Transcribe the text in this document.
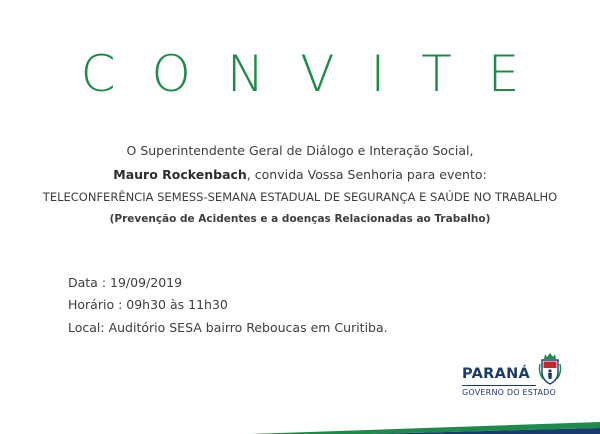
CONVITE
O Superintendente Geral de Diálogo e Interação Social,
Mauro Rockenbach, convida Vossa Senhoria para evento:
TELECONFERÊNCIA SEMESS-SEMANA ESTADUAL DE SEGURANÇA E SAÚDE NO TRABALHO
(Prevenção de Acidentes e a doenças Relacionadas ao Trabalho)
Data : 19/09/2019
Horário : 09h30 às 11h30
Local: Auditório SESA bairro Reboucas em Curitiba.
PARANÁ
GOVERNO DO ESTADO
